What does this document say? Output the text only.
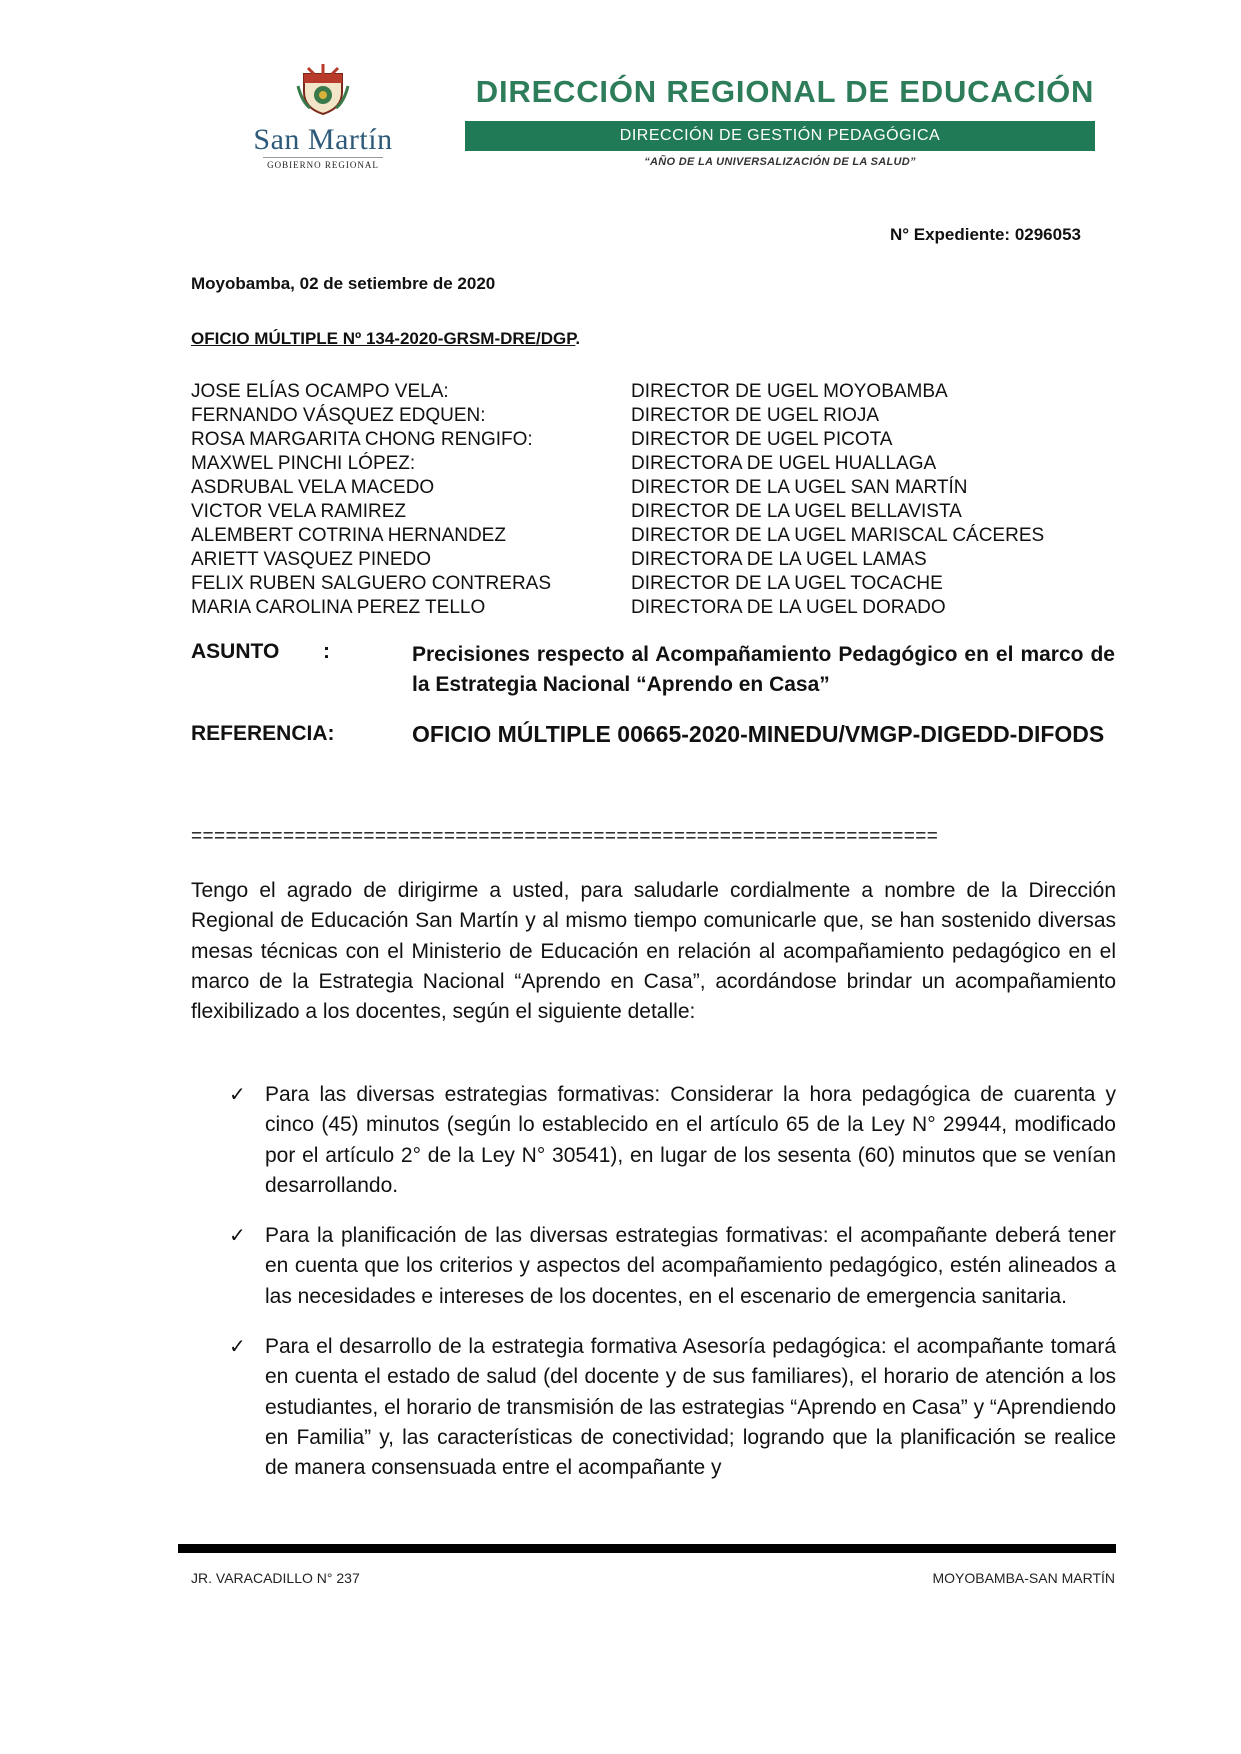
San Martín
GOBIERNO REGIONAL
DIRECCIÓN REGIONAL DE EDUCACIÓN
DIRECCIÓN DE GESTIÓN PEDAGÓGICA
“AÑO DE LA UNIVERSALIZACIÓN DE LA SALUD”
N° Expediente: 0296053
Moyobamba, 02 de setiembre de 2020
OFICIO MÚLTIPLE Nº 134-2020-GRSM-DRE/DGP.
JOSE ELÍAS OCAMPO VELA:	DIRECTOR DE UGEL MOYOBAMBA
FERNANDO VÁSQUEZ EDQUEN:	DIRECTOR DE UGEL RIOJA
ROSA MARGARITA CHONG RENGIFO:	DIRECTOR DE UGEL PICOTA
MAXWEL PINCHI LÓPEZ:	DIRECTORA DE UGEL HUALLAGA
ASDRUBAL VELA MACEDO	DIRECTOR DE LA UGEL SAN MARTÍN
VICTOR VELA RAMIREZ	DIRECTOR DE LA UGEL BELLAVISTA
ALEMBERT COTRINA HERNANDEZ	DIRECTOR DE LA UGEL MARISCAL CÁCERES
ARIETT VASQUEZ PINEDO	DIRECTORA DE LA UGEL LAMAS
FELIX RUBEN SALGUERO CONTRERAS	DIRECTOR DE LA UGEL TOCACHE
MARIA CAROLINA PEREZ TELLO	DIRECTORA DE LA UGEL DORADO
ASUNTO :	Precisiones respecto al Acompañamiento Pedagógico en el marco de la Estrategia Nacional “Aprendo en Casa”
REFERENCIA:	OFICIO MÚLTIPLE 00665-2020-MINEDU/VMGP-DIGEDD-DIFODS
=================================================================
Tengo el agrado de dirigirme a usted, para saludarle cordialmente a nombre de la Dirección Regional de Educación San Martín y al mismo tiempo comunicarle que, se han sostenido diversas mesas técnicas con el Ministerio de Educación en relación al acompañamiento pedagógico en el marco de la Estrategia Nacional “Aprendo en Casa”, acordándose brindar un acompañamiento flexibilizado a los docentes, según el siguiente detalle:
✓ Para las diversas estrategias formativas: Considerar la hora pedagógica de cuarenta y cinco (45) minutos (según lo establecido en el artículo 65 de la Ley N° 29944, modificado por el artículo 2° de la Ley N° 30541), en lugar de los sesenta (60) minutos que se venían desarrollando.
✓ Para la planificación de las diversas estrategias formativas: el acompañante deberá tener en cuenta que los criterios y aspectos del acompañamiento pedagógico, estén alineados a las necesidades e intereses de los docentes, en el escenario de emergencia sanitaria.
✓ Para el desarrollo de la estrategia formativa Asesoría pedagógica: el acompañante tomará en cuenta el estado de salud (del docente y de sus familiares), el horario de atención a los estudiantes, el horario de transmisión de las estrategias “Aprendo en Casa” y “Aprendiendo en Familia” y, las características de conectividad; logrando que la planificación se realice de manera consensuada entre el acompañante y
JR. VARACADILLO N° 237	MOYOBAMBA-SAN MARTÍN
